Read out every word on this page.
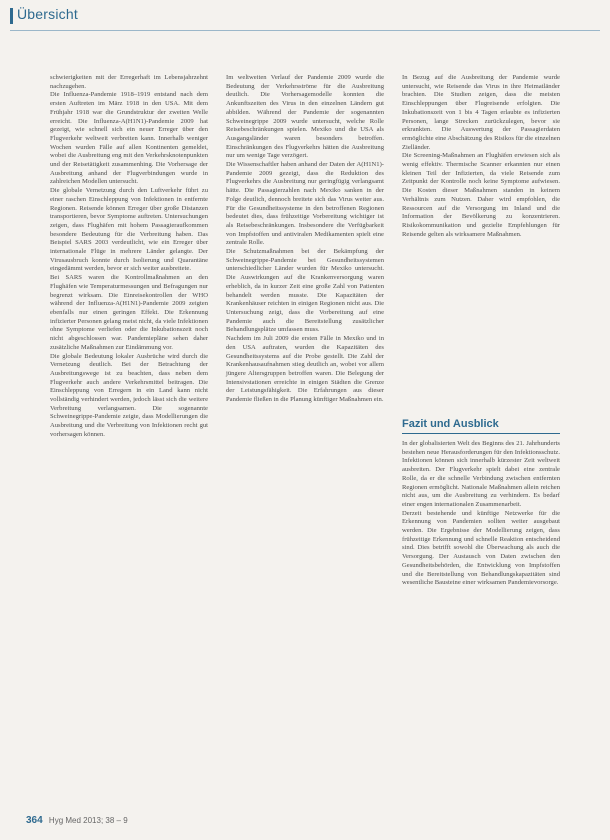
Übersicht

schwierigkeiten mit der Erregerhaft im Lebensjahrzehnt nachzugehen.

Die Influenza-Pandemie 1918–1919 entstand nach dem ersten Auftreten im März 1918 in den USA. Mit dem Frühjahr 1918 war die Grundstruktur der zweiten Welle erreicht. Die Influenza-A(H1N1)-Pandemie 2009 hat gezeigt, wie schnell sich ein neuer Erreger über den Flugverkehr weltweit verbreiten kann. Innerhalb weniger Wochen wurden Fälle auf allen Kontinenten gemeldet, wobei die Ausbreitung eng mit den Verkehrsknotenpunkten und der Reisetätigkeit zusammenhing. Die Vorhersage der Ausbreitung anhand der Flugverbindungen wurde in zahlreichen Modellen untersucht.

Die globale Vernetzung durch den Luftverkehr führt zu einer raschen Einschleppung von Infektionen in entfernte Regionen. Reisende können Erreger über große Distanzen transportieren, bevor Symptome auftreten. Untersuchungen zeigen, dass Flughäfen mit hohem Passagieraufkommen besondere Bedeutung für die Verbreitung haben. Das Beispiel SARS 2003 verdeutlicht, wie ein Erreger über internationale Flüge in mehrere Länder gelangte. Der Virusausbruch konnte durch Isolierung und Quarantäne eingedämmt werden, bevor er sich weiter ausbreitete.

Bei SARS waren die Kontrollmaßnahmen an den Flughäfen wie Temperaturmessungen und Befragungen nur begrenzt wirksam. Die Einreisekontrollen der WHO während der Influenza-A(H1N1)-Pandemie 2009 zeigten ebenfalls nur einen geringen Effekt. Die Erkennung infizierter Personen gelang meist nicht, da viele Infektionen ohne Symptome verliefen oder die Inkubationszeit noch nicht abgeschlossen war. Pandemiepläne sehen daher zusätzliche Maßnahmen zur Eindämmung vor.

Die globale Bedeutung lokaler Ausbrüche wird durch die Vernetzung deutlich. Bei der Betrachtung der Ausbreitungswege ist zu beachten, dass neben dem Flugverkehr auch andere Verkehrsmittel beitragen. Die Einschleppung von Erregern in ein Land kann nicht vollständig verhindert werden, jedoch lässt sich die weitere Verbreitung verlangsamen. Die sogenannte Schweinegrippe-Pandemie zeigte, dass Modellierungen die Ausbreitung und die Verbreitung von Infektionen recht gut vorhersagen können.

Im weltweiten Verlauf der Pandemie 2009 wurde die Bedeutung der Verkehrsströme für die Ausbreitung deutlich. Die Vorhersagemodelle konnten die Ankunftszeiten des Virus in den einzelnen Ländern gut abbilden. Während der Pandemie der sogenannten Schweinegrippe 2009 wurde untersucht, welche Rolle Reisebeschränkungen spielen. Mexiko und die USA als Ausgangsländer waren besonders betroffen. Einschränkungen des Flugverkehrs hätten die Ausbreitung nur um wenige Tage verzögert.

Die Wissenschaftler haben anhand der Daten der A(H1N1)-Pandemie 2009 gezeigt, dass die Reduktion des Flugverkehrs die Ausbreitung nur geringfügig verlangsamt hätte. Die Passagierzahlen nach Mexiko sanken in der Folge deutlich, dennoch breitete sich das Virus weiter aus. Für die Gesundheitssysteme in den betroffenen Regionen bedeutet dies, dass frühzeitige Vorbereitung wichtiger ist als Reisebeschränkungen. Insbesondere die Verfügbarkeit von Impfstoffen und antiviralen Medikamenten spielt eine zentrale Rolle.

Die Schutzmaßnahmen bei der Bekämpfung der Schweinegrippe-Pandemie bei Gesundheitssystemen unterschiedlicher Länder wurden für Mexiko untersucht. Die Auswirkungen auf die Krankenversorgung waren erheblich, da in kurzer Zeit eine große Zahl von Patienten behandelt werden musste. Die Kapazitäten der Krankenhäuser reichten in einigen Regionen nicht aus. Die Untersuchung zeigt, dass die Vorbereitung auf eine Pandemie auch die Bereitstellung zusätzlicher Behandlungsplätze umfassen muss.

Nachdem im Juli 2009 die ersten Fälle in Mexiko und in den USA auftraten, wurden die Kapazitäten des Gesundheitssystems auf die Probe gestellt. Die Zahl der Krankenhausaufnahmen stieg deutlich an, wobei vor allem jüngere Altersgruppen betroffen waren. Die Belegung der Intensivstationen erreichte in einigen Städten die Grenze der Leistungsfähigkeit. Die Erfahrungen aus dieser Pandemie fließen in die Planung künftiger Maßnahmen ein.

In Bezug auf die Ausbreitung der Pandemie wurde untersucht, wie Reisende das Virus in ihre Heimatländer brachten. Die Studien zeigen, dass die meisten Einschleppungen über Flugreisende erfolgten. Die Inkubationszeit von 1 bis 4 Tagen erlaubte es infizierten Personen, lange Strecken zurückzulegen, bevor sie erkrankten. Die Auswertung der Passagierdaten ermöglichte eine Abschätzung des Risikos für die einzelnen Zielländer.

Die Screening-Maßnahmen an Flughäfen erwiesen sich als wenig effektiv. Thermische Scanner erkannten nur einen kleinen Teil der Infizierten, da viele Reisende zum Zeitpunkt der Kontrolle noch keine Symptome aufwiesen. Die Kosten dieser Maßnahmen standen in keinem Verhältnis zum Nutzen. Daher wird empfohlen, die Ressourcen auf die Versorgung im Inland und die Information der Bevölkerung zu konzentrieren. Risikokommunikation und gezielte Empfehlungen für Reisende gelten als wirksamere Maßnahmen.

Fazit und Ausblick

In der globalisierten Welt des Beginns des 21. Jahrhunderts bestehen neue Herausforderungen für den Infektionsschutz. Infektionen können sich innerhalb kürzester Zeit weltweit ausbreiten. Der Flugverkehr spielt dabei eine zentrale Rolle, da er die schnelle Verbindung zwischen entfernten Regionen ermöglicht. Nationale Maßnahmen allein reichen nicht aus, um die Ausbreitung zu verhindern. Es bedarf einer engen internationalen Zusammenarbeit.

Derzeit bestehende und künftige Netzwerke für die Erkennung von Pandemien sollten weiter ausgebaut werden. Die Ergebnisse der Modellierung zeigen, dass frühzeitige Erkennung und schnelle Reaktion entscheidend sind. Dies betrifft sowohl die Überwachung als auch die Versorgung. Der Austausch von Daten zwischen den Gesundheitsbehörden, die Entwicklung von Impfstoffen und die Bereitstellung von Behandlungskapazitäten sind wesentliche Bausteine einer wirksamen Pandemievorsorge.

364 Hyg Med 2013; 38 – 9
